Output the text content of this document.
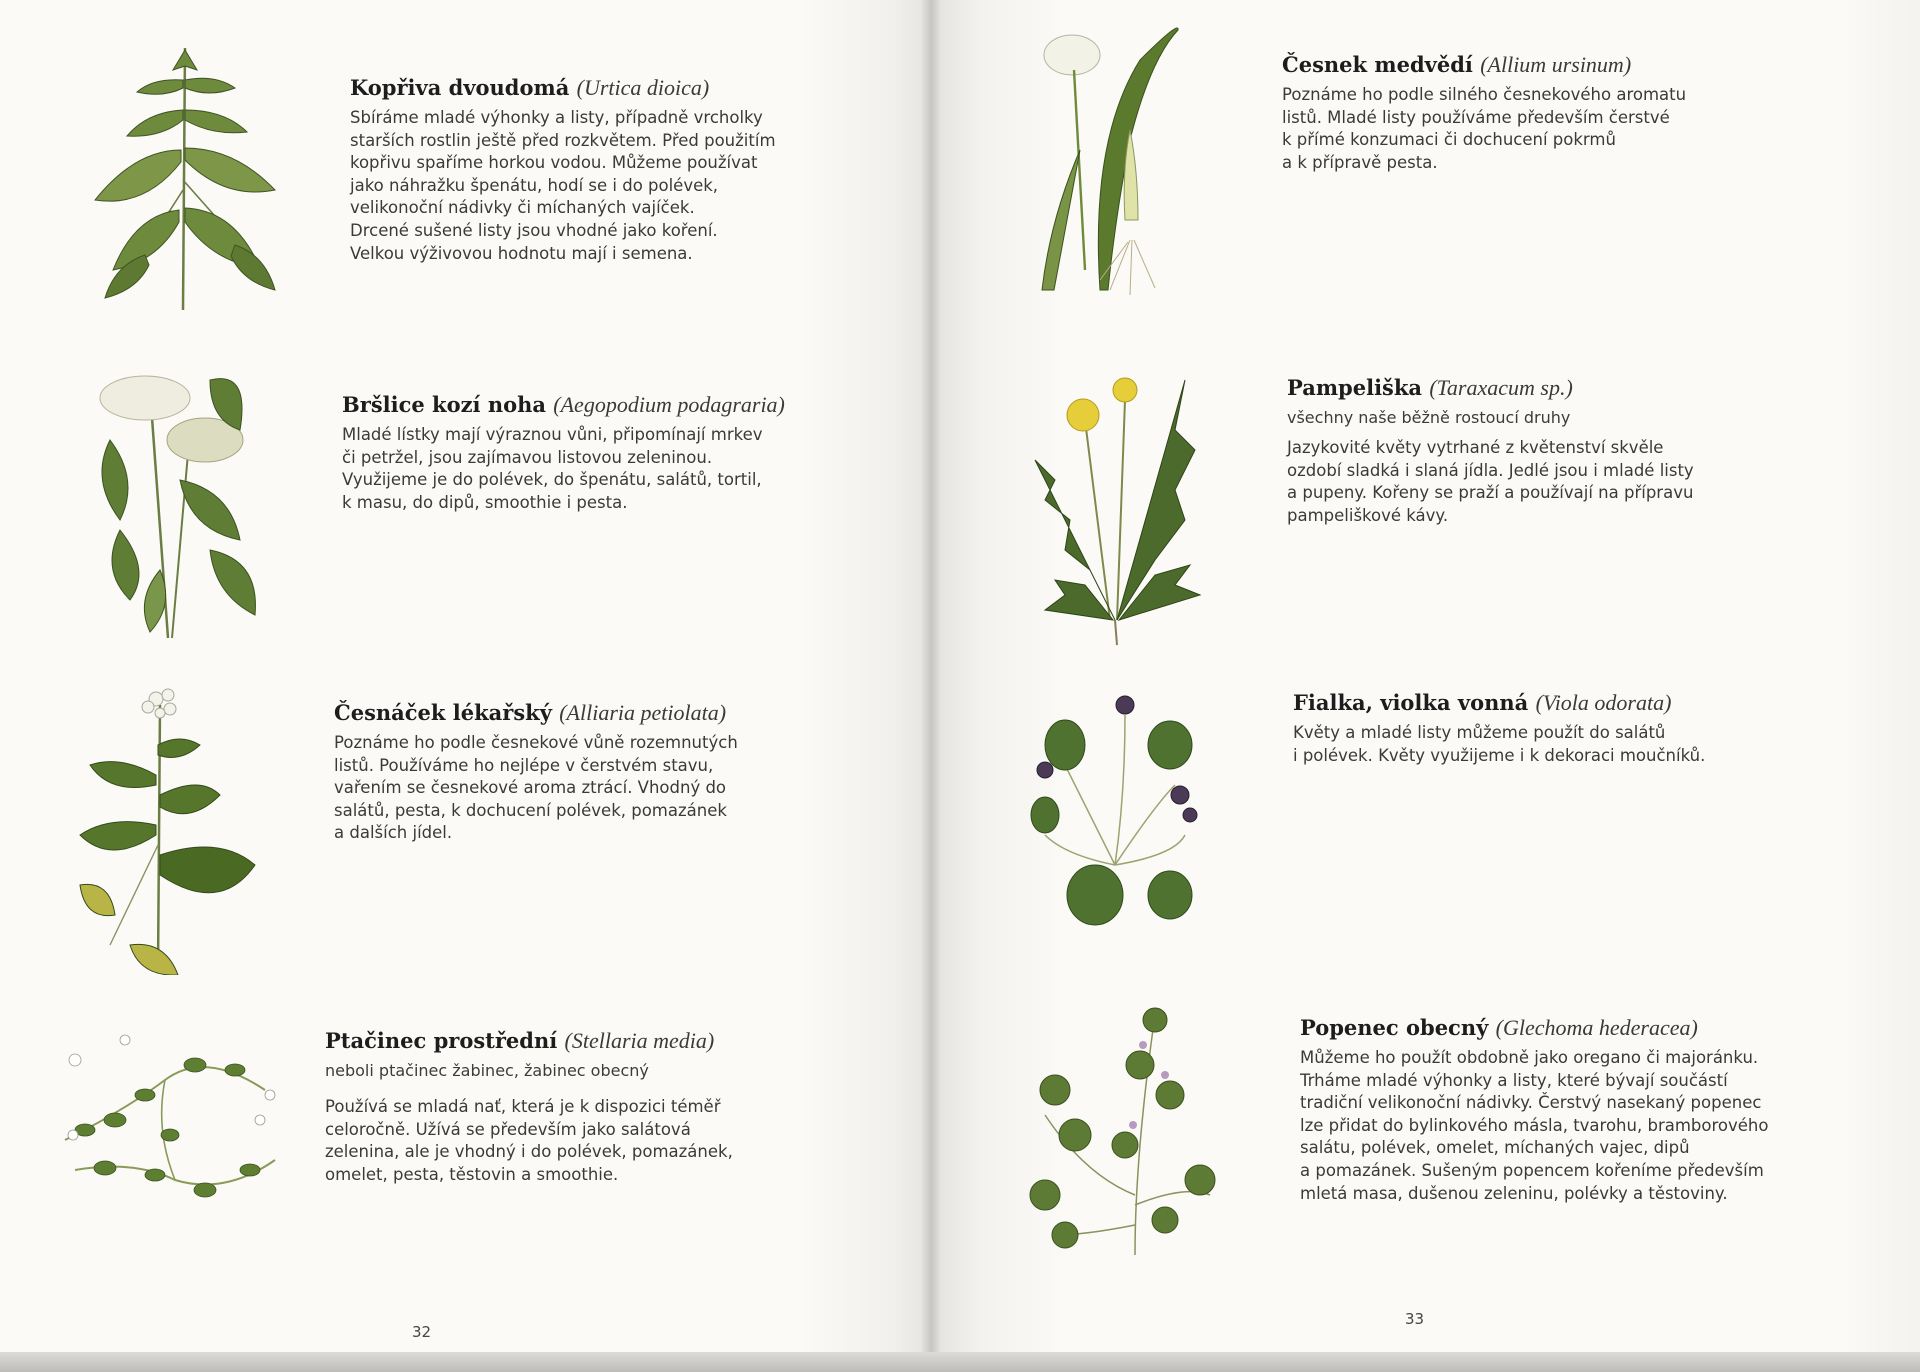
Kopřiva dvoudomá (Urtica dioica)
Sbíráme mladé výhonky a listy, případně vrcholky
starších rostlin ještě před rozkvětem. Před použitím
kopřivu spaříme horkou vodou. Můžeme používat
jako náhražku špenátu, hodí se i do polévek,
velikonoční nádivky či míchaných vajíček.
Drcené sušené listy jsou vhodné jako koření.
Velkou výživovou hodnotu mají i semena.
Bršlice kozí noha (Aegopodium podagraria)
Mladé lístky mají výraznou vůni, připomínají mrkev
či petržel, jsou zajímavou listovou zeleninou.
Využijeme je do polévek, do špenátu, salátů, tortil,
k masu, do dipů, smoothie i pesta.
Česnáček lékařský (Alliaria petiolata)
Poznáme ho podle česnekové vůně rozemnutých
listů. Používáme ho nejlépe v čerstvém stavu,
vařením se česnekové aroma ztrácí. Vhodný do
salátů, pesta, k dochucení polévek, pomazánek
a dalších jídel.
Ptačinec prostřední (Stellaria media)
neboli ptačinec žabinec, žabinec obecný
Používá se mladá nať, která je k dispozici téměř
celoročně. Užívá se především jako salátová
zelenina, ale je vhodný i do polévek, pomazánek,
omelet, pesta, těstovin a smoothie.
32
Česnek medvědí (Allium ursinum)
Poznáme ho podle silného česnekového aromatu
listů. Mladé listy používáme především čerstvé
k přímé konzumaci či dochucení pokrmů
a k přípravě pesta.
Pampeliška (Taraxacum sp.)
všechny naše běžně rostoucí druhy
Jazykovité květy vytrhané z květenství skvěle
ozdobí sladká i slaná jídla. Jedlé jsou i mladé listy
a pupeny. Kořeny se praží a používají na přípravu
pampeliškové kávy.
Fialka, violka vonná (Viola odorata)
Květy a mladé listy můžeme použít do salátů
i polévek. Květy využijeme i k dekoraci moučníků.
Popenec obecný (Glechoma hederacea)
Můžeme ho použít obdobně jako oregano či majoránku.
Trháme mladé výhonky a listy, které bývají součástí
tradiční velikonoční nádivky. Čerstvý nasekaný popenec
lze přidat do bylinkového másla, tvarohu, bramborového
salátu, polévek, omelet, míchaných vajec, dipů
a pomazánek. Sušeným popencem kořeníme především
mletá masa, dušenou zeleninu, polévky a těstoviny.
33
